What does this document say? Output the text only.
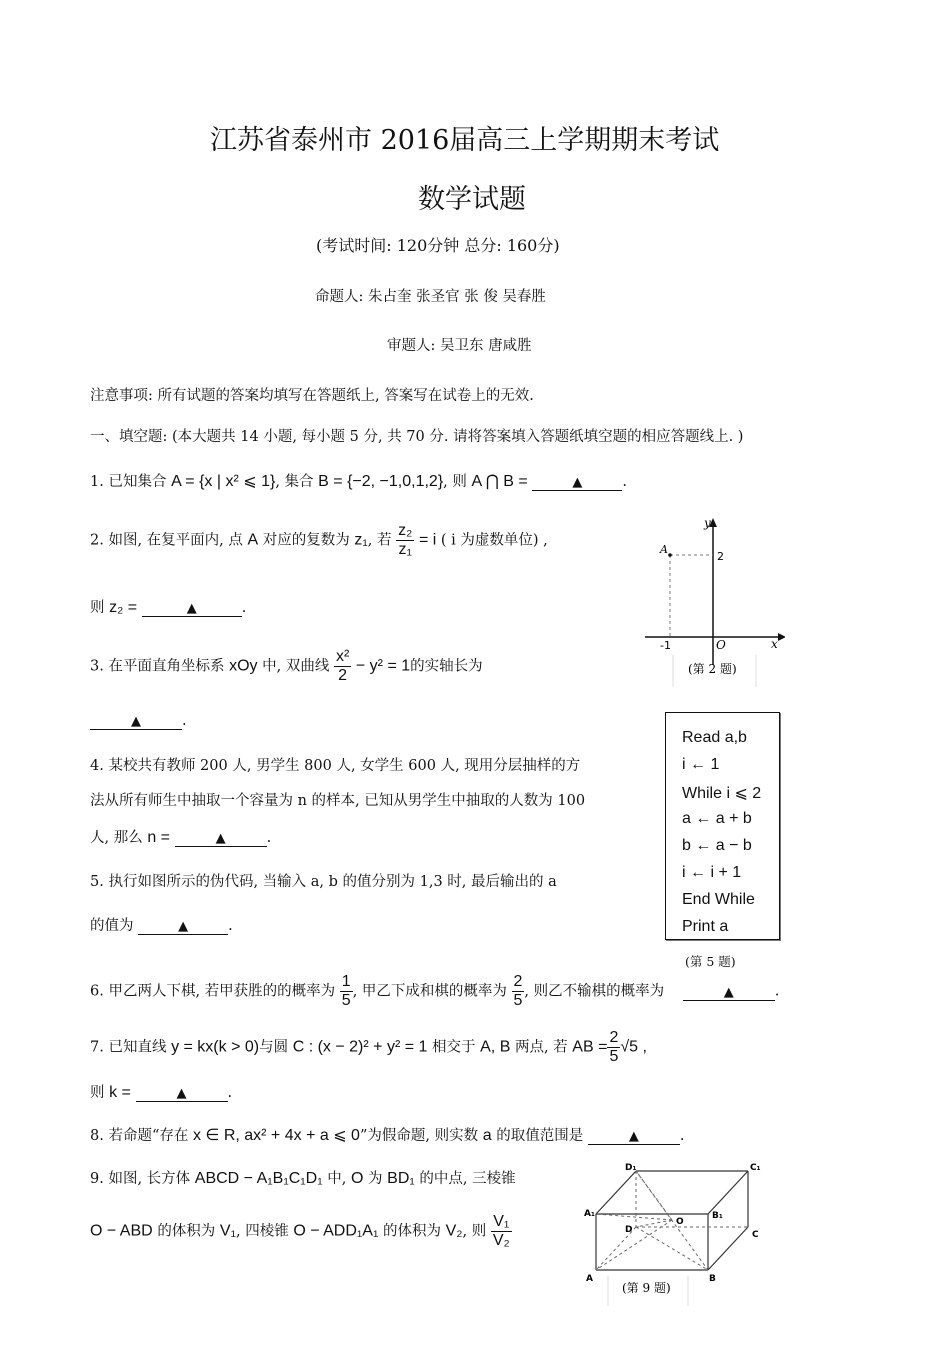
江苏省泰州市 2016届高三上学期期末考试
数学试题
(考试时间: 120分钟 总分: 160分)
命题人: 朱占奎 张圣官 张 俊 吴春胜
审题人: 吴卫东 唐咸胜
注意事项: 所有试题的答案均填写在答题纸上, 答案写在试卷上的无效.
一、填空题: (本大题共 14 小题, 每小题 5 分, 共 70 分. 请将答案填入答题纸填空题的相应答题线上. )
1. 已知集合 A = {x | x² ⩽ 1}, 集合 B = {−2, −1,0,1,2}, 则 A ⋂ B =	▲	.
2. 如图, 在复平面内, 点 A 对应的复数为 z₁, 若 $\frac{\text{z₂}}{\text{z₁}} = i$ ( i 为虚数单位) ,
则 z₂ =	▲	.
y
x
O
A
2
-1
(第 2 题)
3. 在平面直角坐标系 xOy 中, 双曲线 $\frac{\text{x²}}{2} - y^2 = 1$的实轴长为
▲	.
Read a,b
i ← 1
While i ⩽ 2
a ← a + b
b ← a − b
i ← i + 1
End While
Print a
(第 5 题)
4. 某校共有教师 200 人, 男学生 800 人, 女学生 600 人, 现用分层抽样的方
法从所有师生中抽取一个容量为 n 的样本, 已知从男学生中抽取的人数为 100
人, 那么 n =	▲	.
5. 执行如图所示的伪代码, 当输入 a, b 的值分别为 1,3 时, 最后输出的 a
的值为	▲	.
6. 甲乙两人下棋, 若甲获胜的的概率为 $\frac{1}{5}$ , 甲乙下成和棋的概率为 $\frac{2}{5}$ , 则乙不输棋的概率为	▲	.
7. 已知直线 y = kx(k > 0)与圆 C : (x − 2)² + y² = 1 相交于 A, B 两点, 若 AB = $\frac{2}{5} √5$ ,
则 k =	▲	.
8. 若命题“存在 x ∈ R, ax² + 4x + a ⩽ 0”为假命题, 则实数 a 的取值范围是	▲	.
9. 如图, 长方体 ABCD − A₁B₁C₁D₁ 中, O 为 BD₁ 的中点, 三棱锥
O − ABD 的体积为 V₁, 四棱锥 O − ADD₁A₁ 的体积为 V₂, 则 $\frac{\text{V₁}}{\text{V₂}}$	A₁
D₁	C₁
B₁
D	C
O
A	B
(第 9 题)
